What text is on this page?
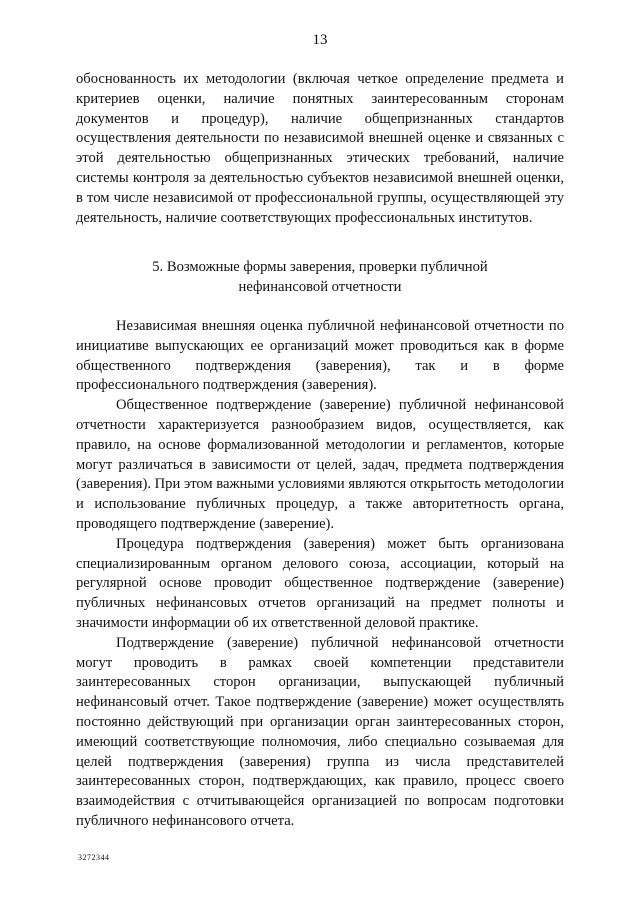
13

обоснованность их методологии (включая четкое определение предмета и критериев оценки, наличие понятных заинтересованным сторонам документов и процедур), наличие общепризнанных стандартов осуществления деятельности по независимой внешней оценке и связанных с этой деятельностью общепризнанных этических требований, наличие системы контроля за деятельностью субъектов независимой внешней оценки, в том числе независимой от профессиональной группы, осуществляющей эту деятельность, наличие соответствующих профессиональных институтов.

5. Возможные формы заверения, проверки публичной
нефинансовой отчетности

Независимая внешняя оценка публичной нефинансовой отчетности по инициативе выпускающих ее организаций может проводиться как в форме общественного подтверждения (заверения), так и в форме профессионального подтверждения (заверения).

Общественное подтверждение (заверение) публичной нефинансовой отчетности характеризуется разнообразием видов, осуществляется, как правило, на основе формализованной методологии и регламентов, которые могут различаться в зависимости от целей, задач, предмета подтверждения (заверения). При этом важными условиями являются открытость методологии и использование публичных процедур, а также авторитетность органа, проводящего подтверждение (заверение).

Процедура подтверждения (заверения) может быть организована специализированным органом делового союза, ассоциации, который на регулярной основе проводит общественное подтверждение (заверение) публичных нефинансовых отчетов организаций на предмет полноты и значимости информации об их ответственной деловой практике.

Подтверждение (заверение) публичной нефинансовой отчетности могут проводить в рамках своей компетенции представители заинтересованных сторон организации, выпускающей публичный нефинансовый отчет. Такое подтверждение (заверение) может осуществлять постоянно действующий при организации орган заинтересованных сторон, имеющий соответствующие полномочия, либо специально созываемая для целей подтверждения (заверения) группа из числа представителей заинтересованных сторон, подтверждающих, как правило, процесс своего взаимодействия с отчитывающейся организацией по вопросам подготовки публичного нефинансового отчета.

3272344
